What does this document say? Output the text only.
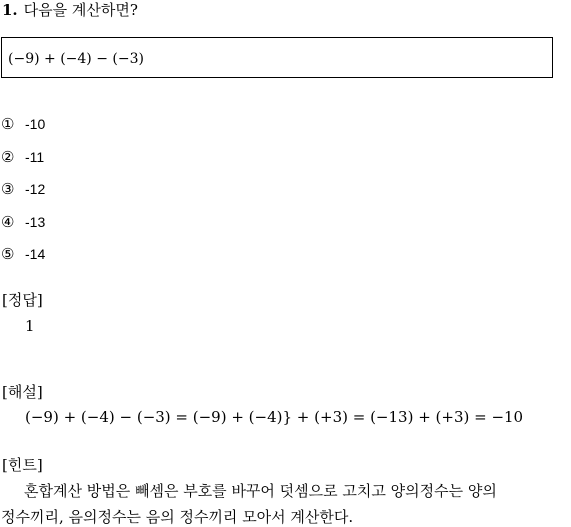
1. 다음을 계산하면?
(−9) + (−4) − (−3)
① -10
② -11
③ -12
④ -13
⑤ -14
[정답]
1
[해설]
(−9) + (−4) − (−3) = (−9) + (−4)} + (+3) = (−13) + (+3) = −10
[힌트]
혼합계산 방법은 빼셈은 부호를 바꾸어 덧셈으로 고치고 양의정수는 양의
정수끼리, 음의정수는 음의 정수끼리 모아서 계산한다.
